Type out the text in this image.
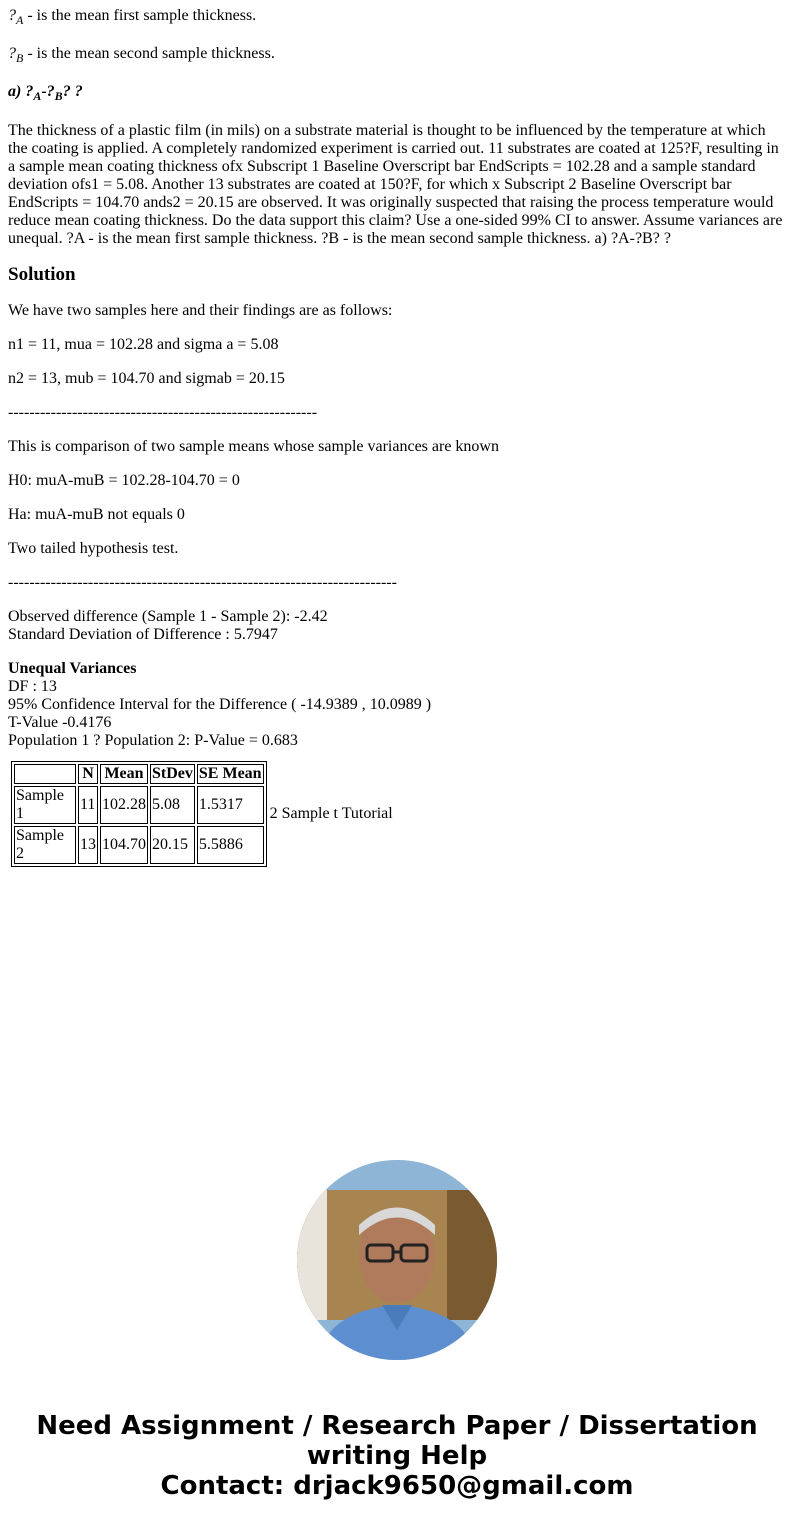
$?_A$ - is the mean first sample thickness.

$?_B$ - is the mean second sample thickness.

a) $?_A-?_B$? ?

The thickness of a plastic film (in mils) on a substrate material is thought to be influenced by the temperature at which the coating is applied. A completely randomized experiment is carried out. 11 substrates are coated at 125?F, resulting in a sample mean coating thickness ofx Subscript 1 Baseline Overscript bar EndScripts = 102.28 and a sample standard deviation ofs1 = 5.08. Another 13 substrates are coated at 150?F, for which x Subscript 2 Baseline Overscript bar EndScripts = 104.70 ands2 = 20.15 are observed. It was originally suspected that raising the process temperature would reduce mean coating thickness. Do the data support this claim? Use a one-sided 99% CI to answer. Assume variances are unequal. ?A - is the mean first sample thickness. ?B - is the mean second sample thickness. a) ?A-?B? ?

Solution

We have two samples here and their findings are as follows:

n1 = 11, mua = 102.28 and sigma a = 5.08

n2 = 13, mub = 104.70 and sigmab = 20.15

----------------------------------------------------------

This is comparison of two sample means whose sample variances are known

H0: muA-muB = 102.28-104.70 = 0

Ha: muA-muB not equals 0

Two tailed hypothesis test.

-------------------------------------------------------------------------

Observed difference (Sample 1 - Sample 2): -2.42
Standard Deviation of Difference : 5.7947

Unequal Variances
DF : 13
95% Confidence Interval for the Difference ( -14.9389 , 10.0989 )
T-Value -0.4176
Population 1 ? Population 2: P-Value = 0.683

	N	Mean	StDev	SE Mean
Sample 1	11	102.28	5.08	1.5317
Sample 2	13	104.70	20.15	5.5886
2 Sample t Tutorial
Need Assignment / Research Paper / Dissertation
writing Help
Contact: drjack9650@gmail.com
